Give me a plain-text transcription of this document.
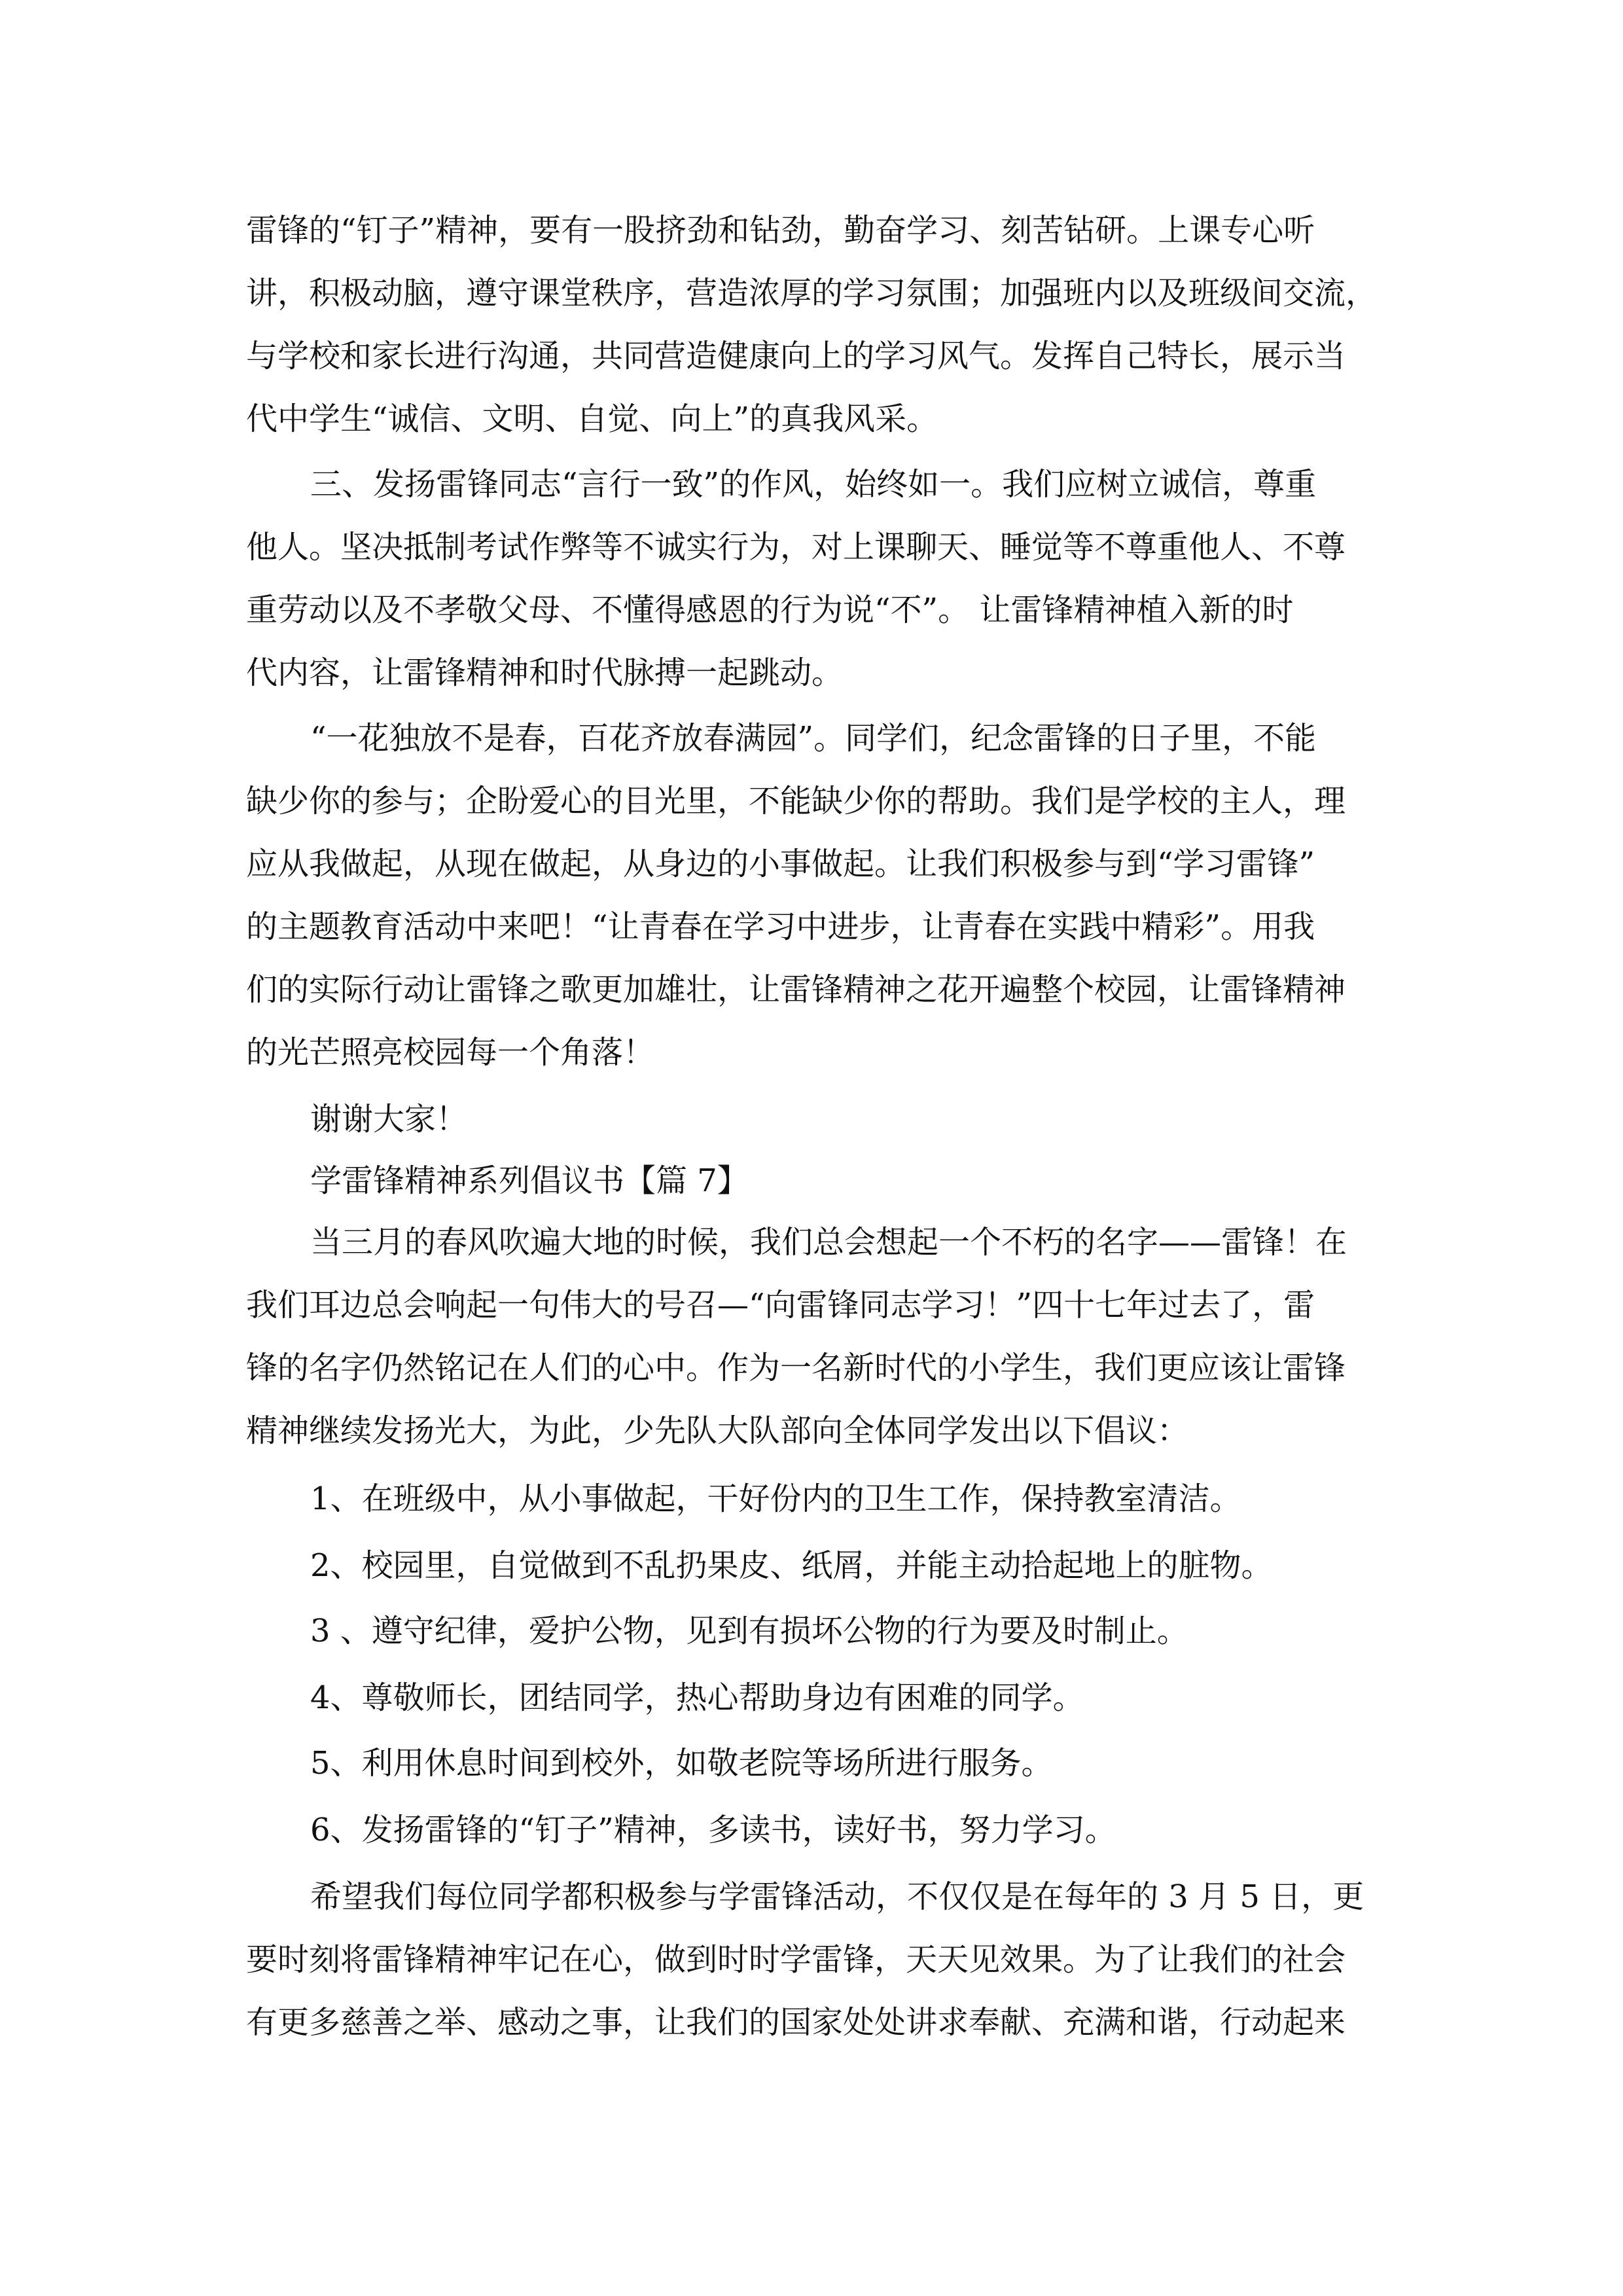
雷锋的“钉子”精神，要有一股挤劲和钻劲，勤奋学习、刻苦钻研。上课专心听

讲，积极动脑，遵守课堂秩序，营造浓厚的学习氛围；加强班内以及班级间交流，

与学校和家长进行沟通，共同营造健康向上的学习风气。发挥自己特长，展示当

代中学生“诚信、文明、自觉、向上”的真我风采。

三、发扬雷锋同志“言行一致”的作风，始终如一。我们应树立诚信，尊重

他人。坚决抵制考试作弊等不诚实行为，对上课聊天、睡觉等不尊重他人、不尊

重劳动以及不孝敬父母、不懂得感恩的行为说“不”。 让雷锋精神植入新的时

代内容，让雷锋精神和时代脉搏一起跳动。

“一花独放不是春，百花齐放春满园”。同学们，纪念雷锋的日子里，不能

缺少你的参与；企盼爱心的目光里，不能缺少你的帮助。我们是学校的主人，理

应从我做起，从现在做起，从身边的小事做起。让我们积极参与到“学习雷锋”

的主题教育活动中来吧！“让青春在学习中进步，让青春在实践中精彩”。用我

们的实际行动让雷锋之歌更加雄壮，让雷锋精神之花开遍整个校园，让雷锋精神

的光芒照亮校园每一个角落！

谢谢大家！

学雷锋精神系列倡议书【篇 7】

当三月的春风吹遍大地的时候，我们总会想起一个不朽的名字——雷锋！在

我们耳边总会响起一句伟大的号召—“向雷锋同志学习！”四十七年过去了，雷

锋的名字仍然铭记在人们的心中。作为一名新时代的小学生，我们更应该让雷锋

精神继续发扬光大，为此，少先队大队部向全体同学发出以下倡议：

1、在班级中，从小事做起，干好份内的卫生工作，保持教室清洁。

2、校园里，自觉做到不乱扔果皮、纸屑，并能主动拾起地上的脏物。

3 、遵守纪律，爱护公物，见到有损坏公物的行为要及时制止。

4、尊敬师长，团结同学，热心帮助身边有困难的同学。

5、利用休息时间到校外，如敬老院等场所进行服务。

6、发扬雷锋的“钉子”精神，多读书，读好书，努力学习。

希望我们每位同学都积极参与学雷锋活动，不仅仅是在每年的 3 月 5 日，更

要时刻将雷锋精神牢记在心，做到时时学雷锋，天天见效果。为了让我们的社会

有更多慈善之举、感动之事，让我们的国家处处讲求奉献、充满和谐，行动起来
